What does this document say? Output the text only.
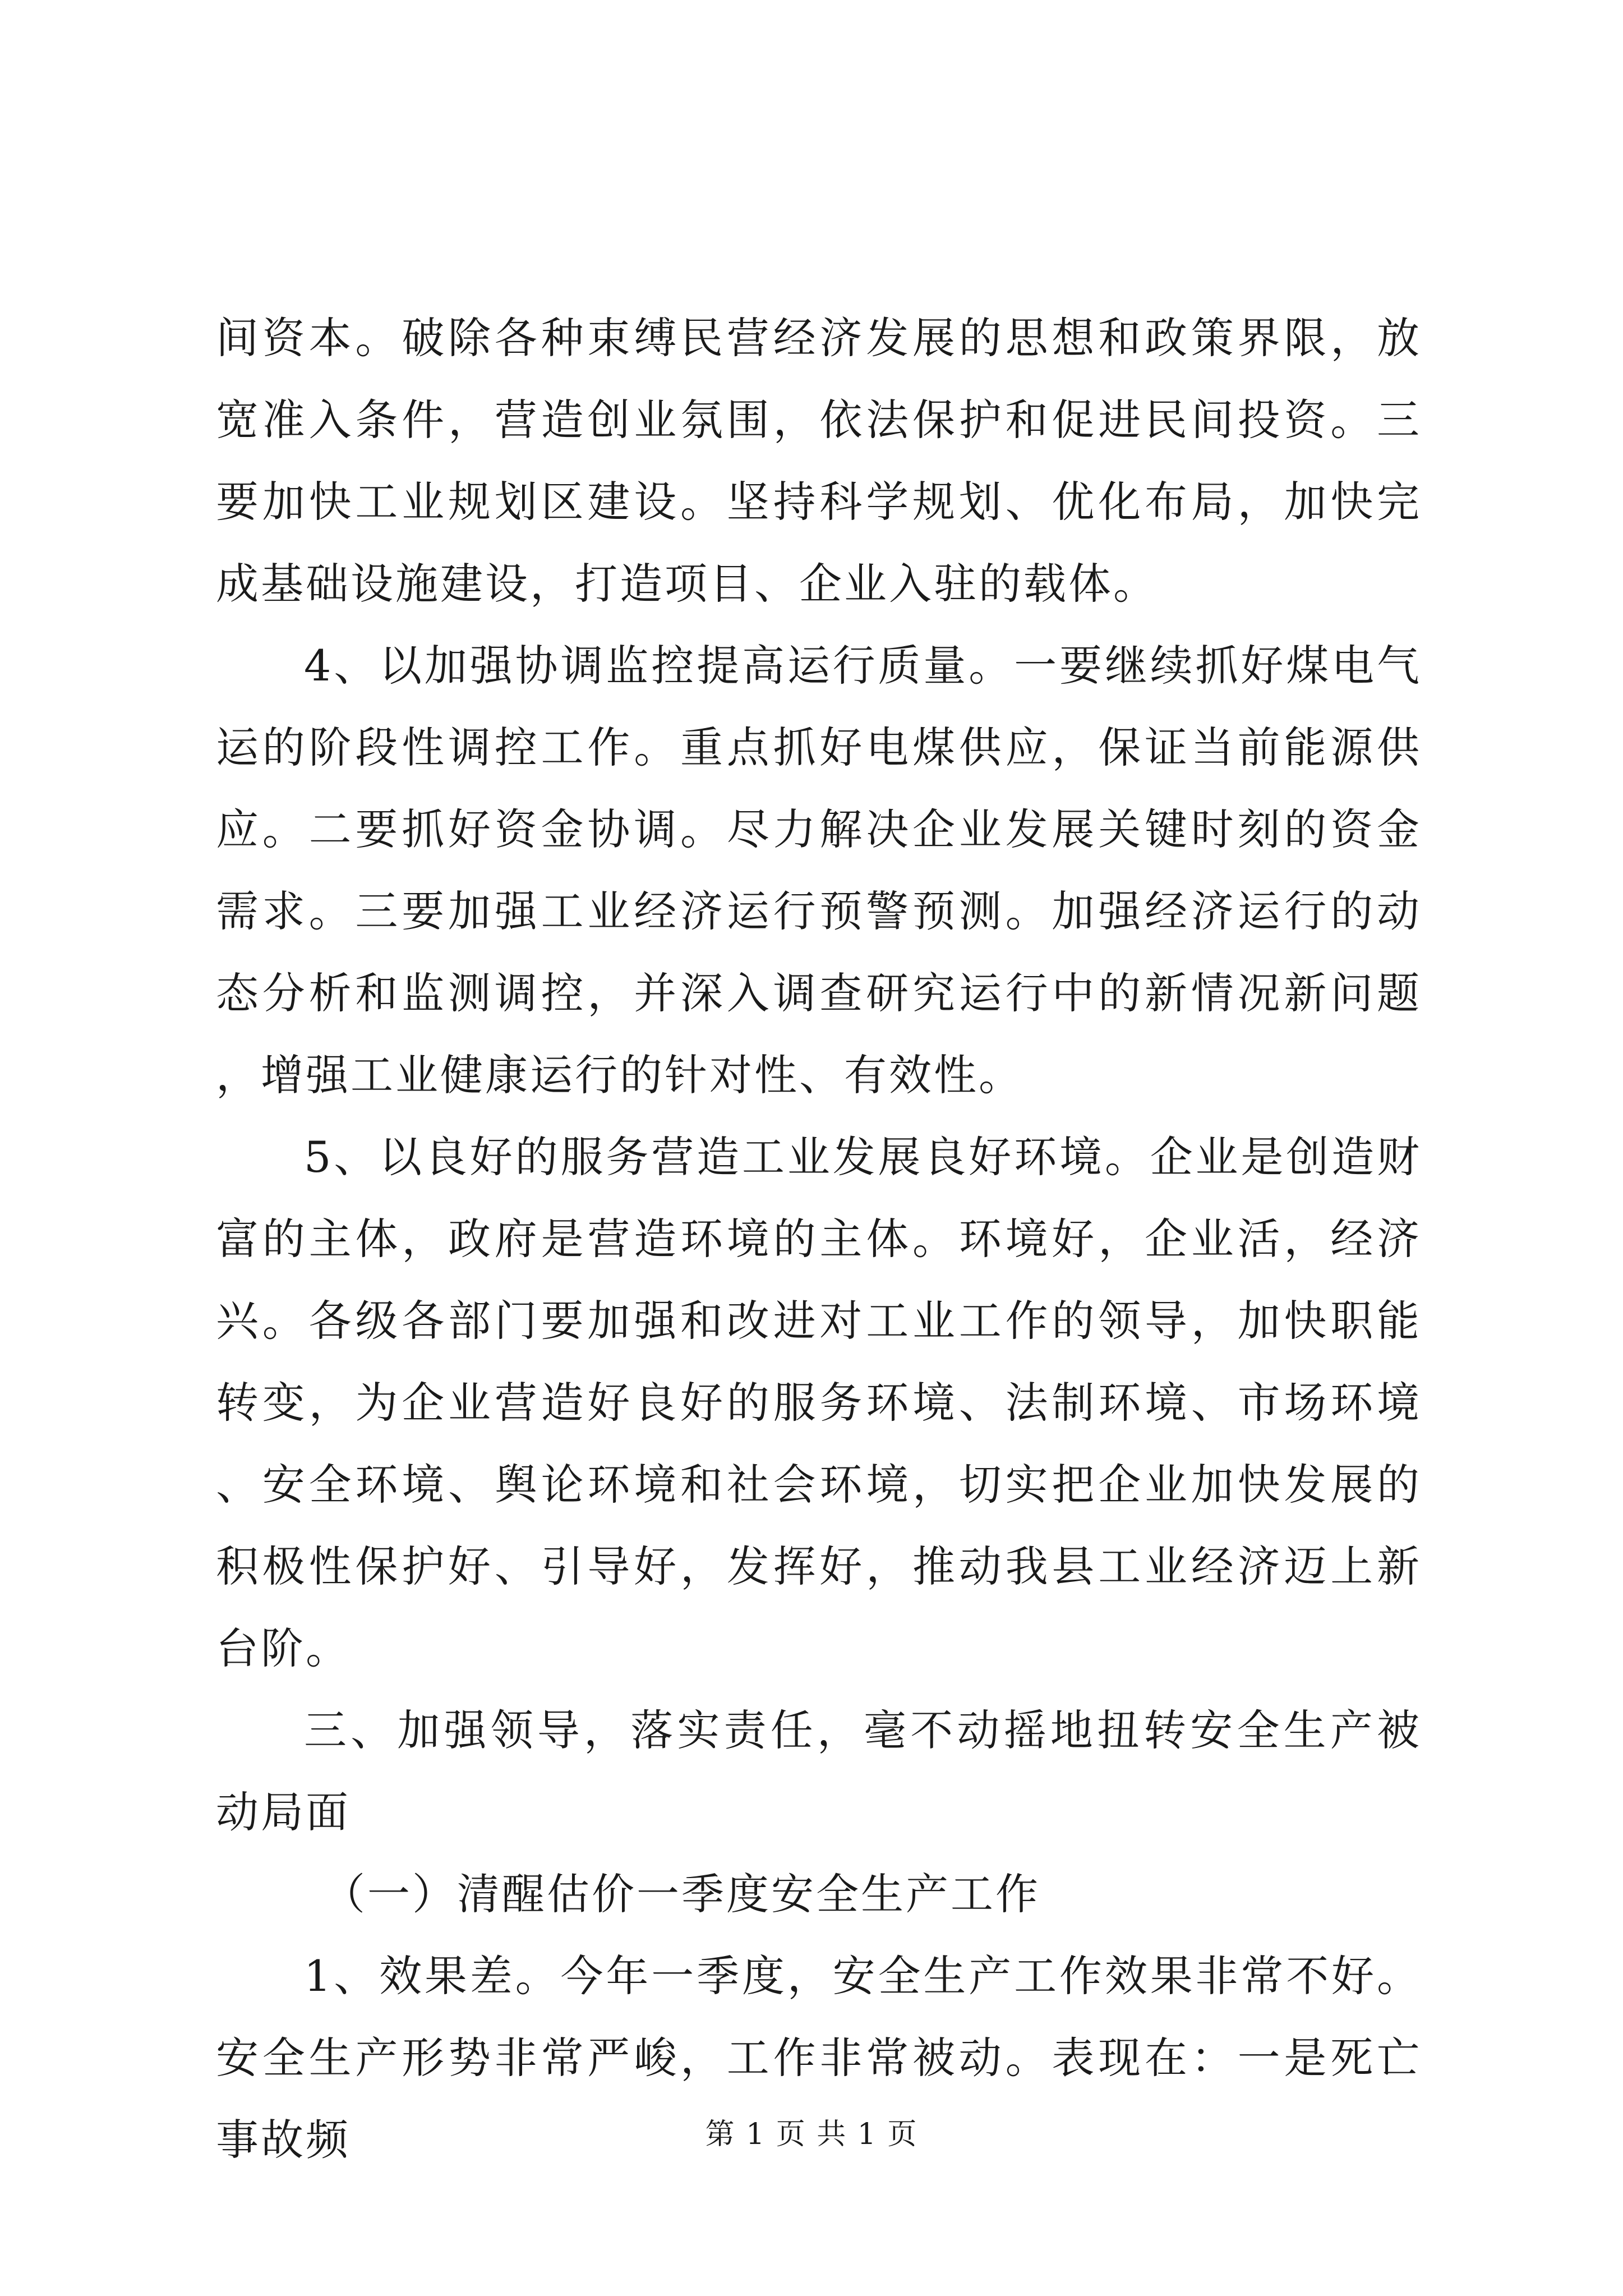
间资本。破除各种束缚民营经济发展的思想和政策界限，放宽准入条件，营造创业氛围，依法保护和促进民间投资。三要加快工业规划区建设。坚持科学规划、优化布局，加快完成基础设施建设，打造项目、企业入驻的载体。

4、以加强协调监控提高运行质量。一要继续抓好煤电气运的阶段性调控工作。重点抓好电煤供应，保证当前能源供应。二要抓好资金协调。尽力解决企业发展关键时刻的资金需求。三要加强工业经济运行预警预测。加强经济运行的动态分析和监测调控，并深入调查研究运行中的新情况新问题，增强工业健康运行的针对性、有效性。

5、以良好的服务营造工业发展良好环境。企业是创造财富的主体，政府是营造环境的主体。环境好，企业活，经济兴。各级各部门要加强和改进对工业工作的领导，加快职能转变，为企业营造好良好的服务环境、法制环境、市场环境、安全环境、舆论环境和社会环境，切实把企业加快发展的积极性保护好、引导好，发挥好，推动我县工业经济迈上新台阶。

三、加强领导，落实责任，毫不动摇地扭转安全生产被动局面

（一）清醒估价一季度安全生产工作

1、效果差。今年一季度，安全生产工作效果非常不好。安全生产形势非常严峻，工作非常被动。表现在：一是死亡事故频	第 1 页 共 1 页
